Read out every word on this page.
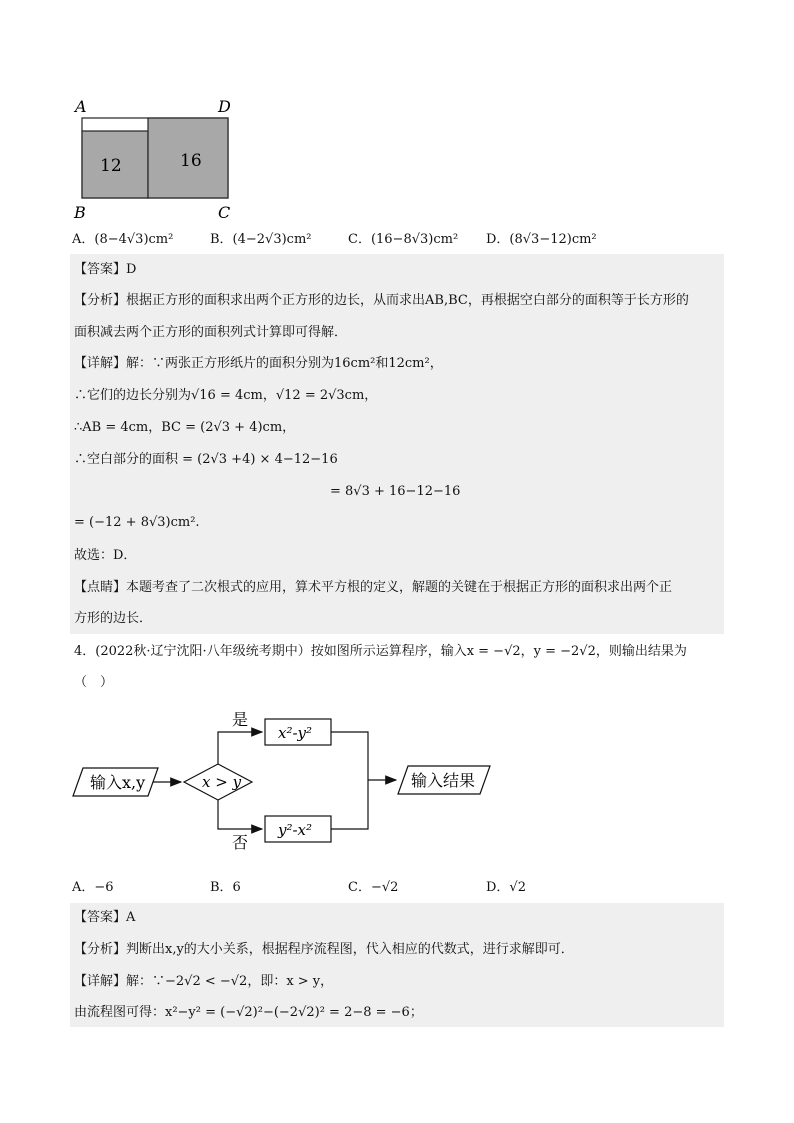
12	16
A	D
B	C
A．(8−4√3)cm²	B．(4−2√3)cm²	C．(16−8√3)cm² D．(8√3−12)cm²
【答案】D
【分析】根据正方形的面积求出两个正方形的边长，从而求出AB,BC，再根据空白部分的面积等于长方形的
面积减去两个正方形的面积列式计算即可得解．
【详解】解：∵两张正方形纸片的面积分别为16cm²和12cm²，
∴它们的边长分别为√16 = 4cm，√12 = 2√3cm，
∴AB = 4cm，BC = (2√3 + 4)cm，
∴空白部分的面积 = (2√3 +4) × 4−12−16
= 8√3 + 16−12−16
= (−12 + 8√3)cm².
故选：D．
【点睛】本题考查了二次根式的应用，算术平方根的定义，解题的关键在于根据正方形的面积求出两个正
方形的边长．
4．(2022秋·辽宁沈阳·八年级统考期中）按如图所示运算程序，输入x = −√2，y = −2√2，则输出结果为
（　）
输入x,y	x > y
是
x²-y²
否
y²-x²
输入结果
A．−6	B．6	C．−√2	D．√2
【答案】A
【分析】判断出x,y的大小关系，根据程序流程图，代入相应的代数式，进行求解即可．
【详解】解：∵−2√2 < −√2，即：x > y，
由流程图可得：x²−y² = (−√2)²−(−2√2)² = 2−8 = −6；
